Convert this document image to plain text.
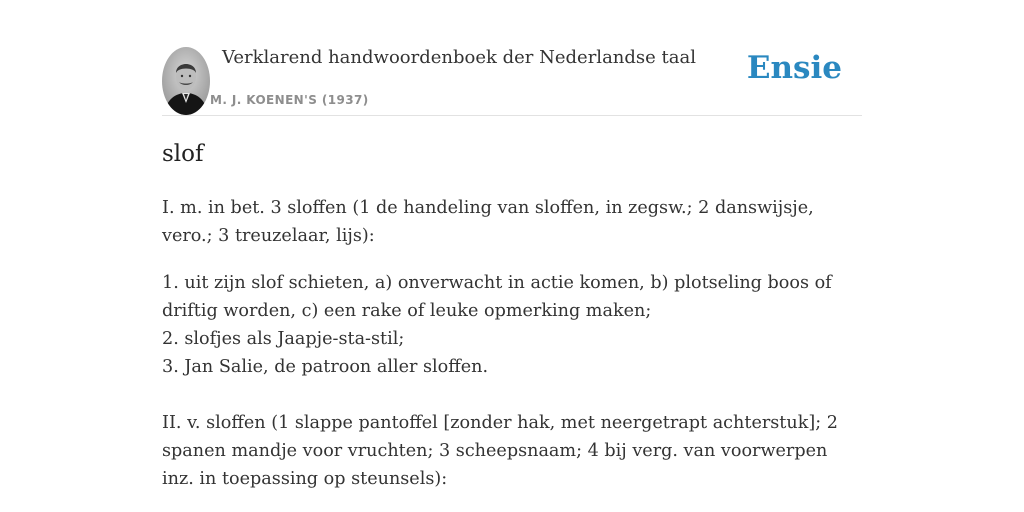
Verklarend handwoordenboek der Nederlandse taal
M. J. KOENEN'S (1937)
Ensie
slof

I. m. in bet. 3 sloffen (1 de handeling van sloffen, in zegsw.; 2 danswijsje, vero.; 3 treuzelaar, lijs):

1. uit zijn slof schieten, a) onverwacht in actie komen, b) plotseling boos of driftig worden, c) een rake of leuke opmerking maken;
2. slofjes als Jaapje-sta-stil;
3. Jan Salie, de patroon aller sloffen.

II. v. sloffen (1 slappe pantoffel [zonder hak, met neergetrapt achterstuk]; 2 spanen mandje voor vruchten; 3 scheepsnaam; 4 bij verg. van voorwerpen inz. in toepassing op steunsels):
